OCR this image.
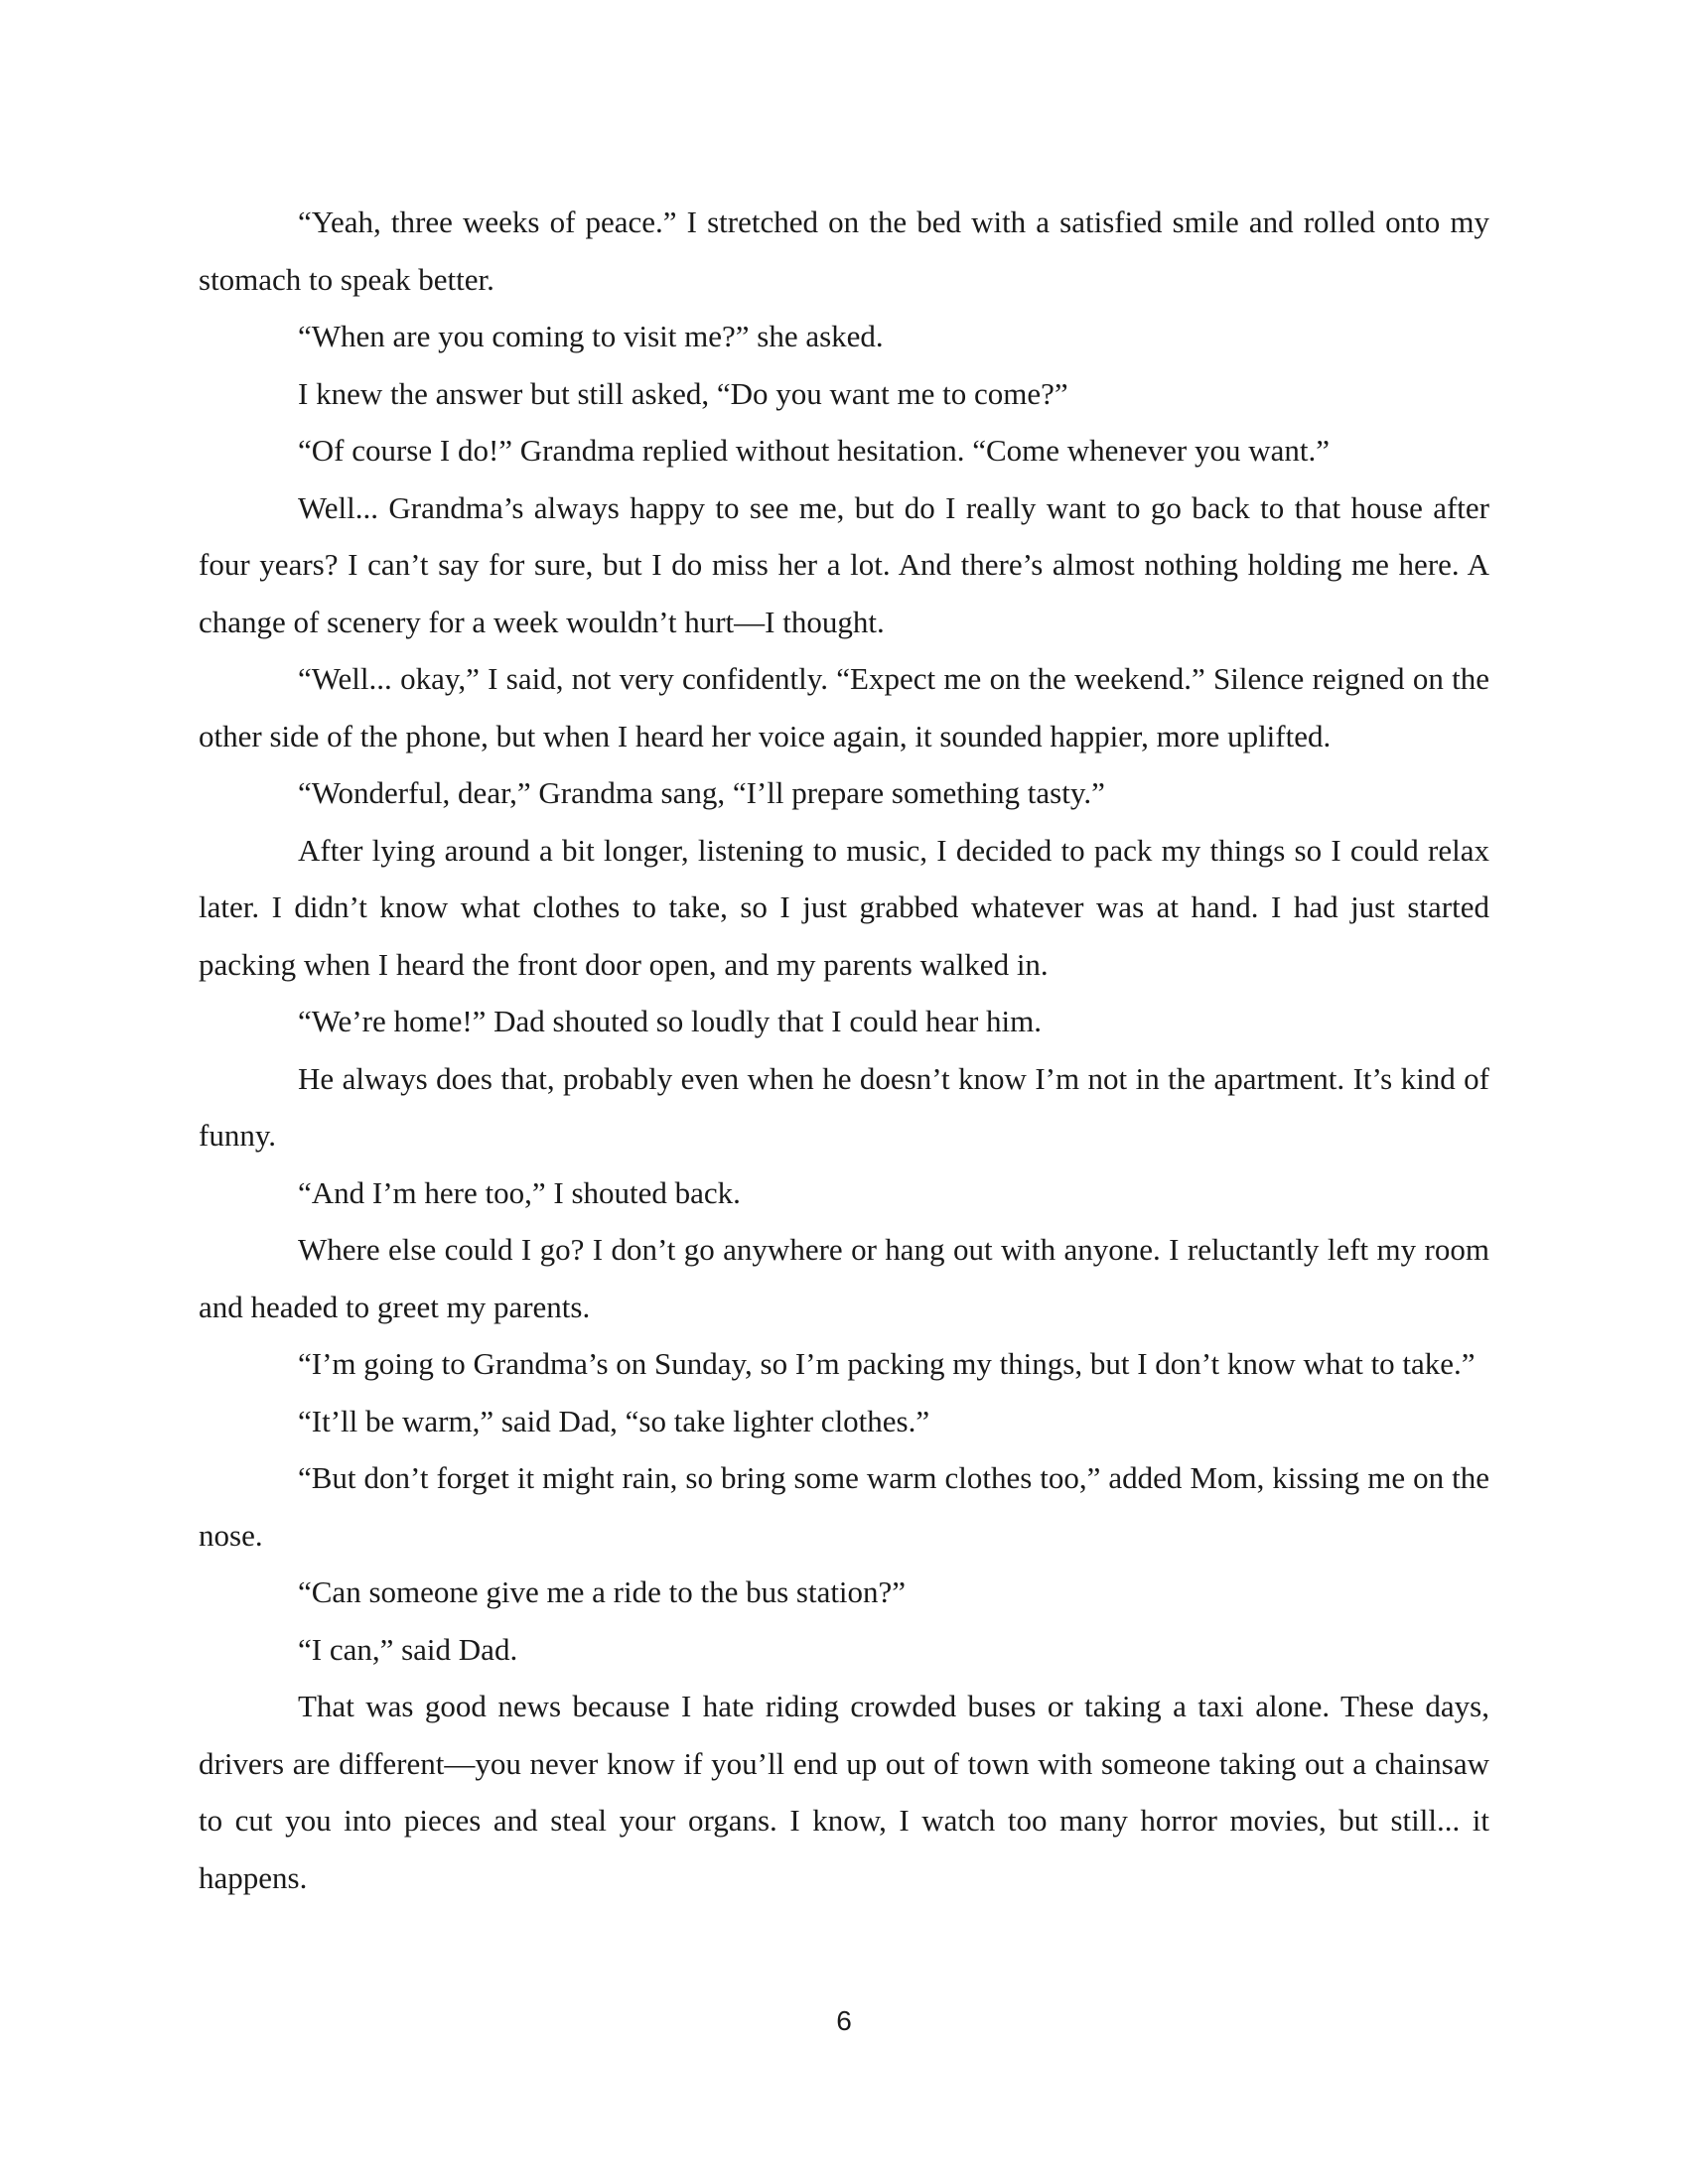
“Yeah, three weeks of peace.” I stretched on the bed with a satisfied smile and rolled onto my stomach to speak better.

“When are you coming to visit me?” she asked.

I knew the answer but still asked, “Do you want me to come?”

“Of course I do!” Grandma replied without hesitation. “Come whenever you want.”

Well... Grandma’s always happy to see me, but do I really want to go back to that house after four years? I can’t say for sure, but I do miss her a lot. And there’s almost nothing holding me here. A change of scenery for a week wouldn’t hurt—I thought.

“Well... okay,” I said, not very confidently. “Expect me on the weekend.” Silence reigned on the other side of the phone, but when I heard her voice again, it sounded happier, more uplifted.

“Wonderful, dear,” Grandma sang, “I’ll prepare something tasty.”

After lying around a bit longer, listening to music, I decided to pack my things so I could relax later. I didn’t know what clothes to take, so I just grabbed whatever was at hand. I had just started packing when I heard the front door open, and my parents walked in.

“We’re home!” Dad shouted so loudly that I could hear him.

He always does that, probably even when he doesn’t know I’m not in the apartment. It’s kind of funny.

“And I’m here too,” I shouted back.

Where else could I go? I don’t go anywhere or hang out with anyone. I reluctantly left my room and headed to greet my parents.

“I’m going to Grandma’s on Sunday, so I’m packing my things, but I don’t know what to take.”

“It’ll be warm,” said Dad, “so take lighter clothes.”

“But don’t forget it might rain, so bring some warm clothes too,” added Mom, kissing me on the nose.

“Can someone give me a ride to the bus station?”

“I can,” said Dad.

That was good news because I hate riding crowded buses or taking a taxi alone. These days, drivers are different—you never know if you’ll end up out of town with someone taking out a chainsaw to cut you into pieces and steal your organs. I know, I watch too many horror movies, but still... it happens.

6
